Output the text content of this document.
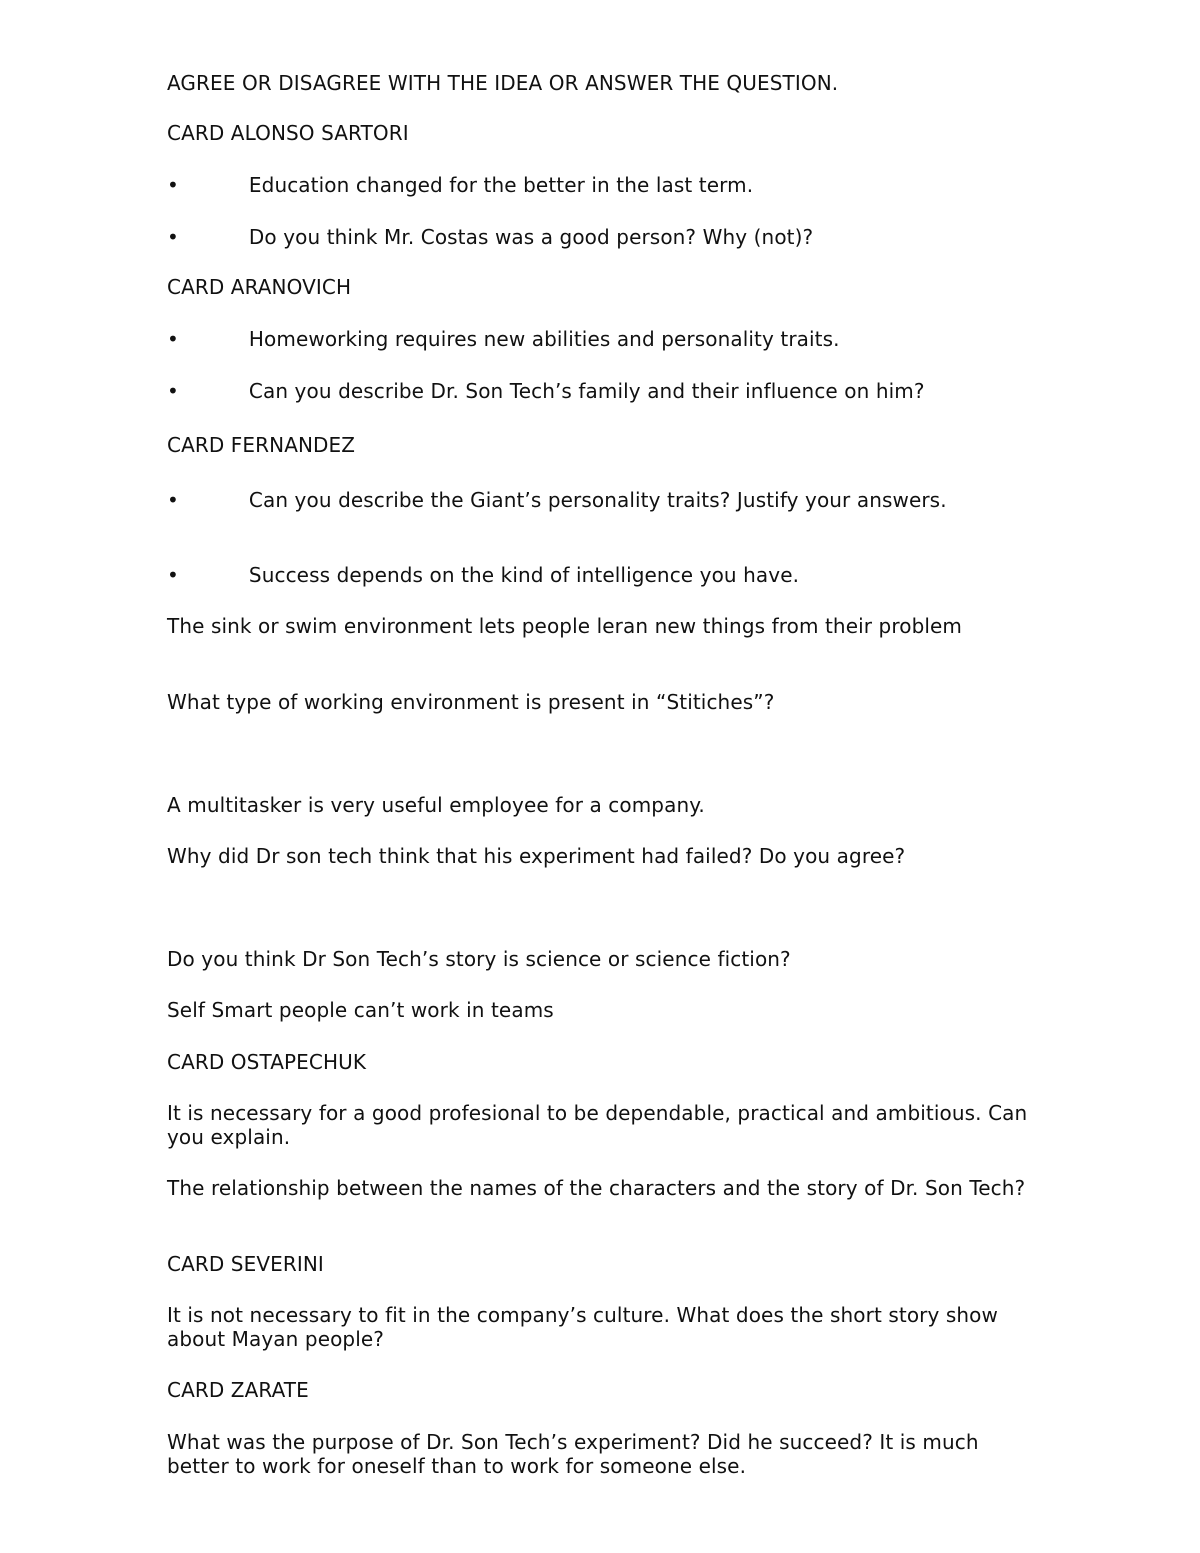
AGREE OR DISAGREE WITH THE IDEA OR ANSWER THE QUESTION.

CARD ALONSO SARTORI

•	Education changed for the better in the last term.

•	Do you think Mr. Costas was a good person? Why (not)?

CARD ARANOVICH

•	Homeworking requires new abilities and personality traits.

•	Can you describe Dr. Son Tech’s family and their influence on him?

CARD FERNANDEZ

•	Can you describe the Giant’s personality traits? Justify your answers.

•	Success depends on the kind of intelligence you have.

The sink or swim environment lets people leran new things from their problem

What type of working environment is present in “Stitiches”?

A multitasker is very useful employee for a company.

Why did Dr son tech think that his experiment had failed? Do you agree?

Do you think Dr Son Tech’s story is science or science fiction?

Self Smart people can’t work in teams

CARD OSTAPECHUK

It is necessary for a good profesional to be dependable, practical and ambitious. Can you explain.

The relationship between the names of the characters and the story of Dr. Son Tech?

CARD SEVERINI

It is not necessary to fit in the company’s culture. What does the short story show about Mayan people?

CARD ZARATE

What was the purpose of Dr. Son Tech’s experiment? Did he succeed? It is much better to work for oneself than to work for someone else.
